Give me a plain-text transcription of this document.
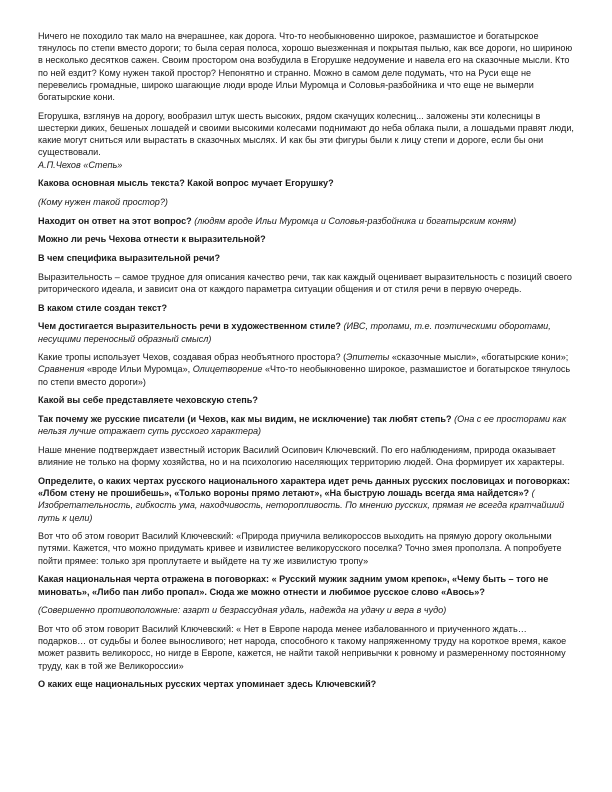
Ничего не походило так мало на вчерашнее, как дорога. Что-то необыкновенно широкое, размашистое и богатырское тянулось по степи вместо дороги; то была серая полоса, хорошо выезженная и покрытая пылью, как все дороги, но шириною в несколько десятков сажен. Своим простором она возбудила в Егорушке недоумение и навела его на сказочные мысли. Кто по ней ездит? Кому нужен такой простор? Непонятно и странно. Можно в самом деле подумать, что на Руси еще не перевелись громадные, широко шагающие люди вроде Ильи Муромца и Соловья-разбойника и что еще не вымерли богатырские кони.

Егорушка, взглянув на дорогу, вообразил штук шесть высоких, рядом скачущих колесниц... заложены эти колесницы в шестерки диких, бешеных лошадей и своими высокими колесами поднимают до неба облака пыли, а лошадьми правят люди, какие могут сниться или вырастать в сказочных мыслях. И как бы эти фигуры были к лицу степи и дороге, если бы они существовали.

А.П.Чехов «Степь»

Какова основная мысль текста? Какой вопрос мучает Егорушку?

(Кому нужен такой простор?)

Находит он ответ на этот вопрос? (людям вроде Ильи Муромца и Соловья-разбойника и богатырским коням)

Можно ли речь Чехова отнести к выразительной?

В чем специфика выразительной речи?

Выразительность – самое трудное для описания качество речи, так как каждый оценивает выразительность с позиций своего риторического идеала, и зависит она от каждого параметра ситуации общения и от стиля речи в первую очередь.

В каком стиле создан текст?

Чем достигается выразительность речи в художественном стиле? (ИВС, тропами, т.е. поэтическими оборотами, несущими переносный образный смысл)

Какие тропы использует Чехов, создавая образ необъятного простора? (Эпитеты «сказочные мысли», «богатырские кони»; Сравнения «вроде Ильи Муромца», Олицетворение «Что-то необыкновенно широкое, размашистое и богатырское тянулось по степи вместо дороги»)

Какой вы себе представляете чеховскую степь?

Так почему же русские писатели (и Чехов, как мы видим, не исключение) так любят степь? (Она с ее просторами как нельзя лучше отражает суть русского характера)

Наше мнение подтверждает известный историк Василий Осипович Ключевский. По его наблюдениям, природа оказывает влияние не только на форму хозяйства, но и на психологию населяющих территорию людей. Она формирует их характеры.

Определите, о каких чертах русского национального характера идет речь данных русских пословицах и поговорках: «Лбом стену не прошибешь», «Только вороны прямо летают», «На быструю лошадь всегда яма найдется»? ( Изобретательность, гибкость ума, находчивость, неторопливость. По мнению русских, прямая не всегда кратчайший путь к цели)

Вот что об этом говорит Василий Ключевский: «Природа приучила великороссов выходить на прямую дорогу окольными путями. Кажется, что можно придумать кривее и извилистее великорусского поселка? Точно змея проползла. А попробуете пойти прямее: только зря проплутаете и выйдете на ту же извилистую тропу»

Какая национальная черта отражена в поговорках: « Русский мужик задним умом крепок», «Чему быть – того не миновать», «Либо пан либо пропал». Сюда же можно отнести и любимое русское слово «Авось»?

(Совершенно противоположные: азарт и безрассудная удаль, надежда на удачу и вера в чудо)

Вот что об этом говорит Василий Ключевский: « Нет в Европе народа менее избалованного и приученного ждать… подарков… от судьбы и более выносливого; нет народа, способного к такому напряженному труду на короткое время, какое может развить великоросс, но нигде в Европе, кажется, не найти такой непривычки к ровному и размеренному постоянному труду, как в той же Великороссии»

О каких еще национальных русских чертах упоминает здесь Ключевский?
